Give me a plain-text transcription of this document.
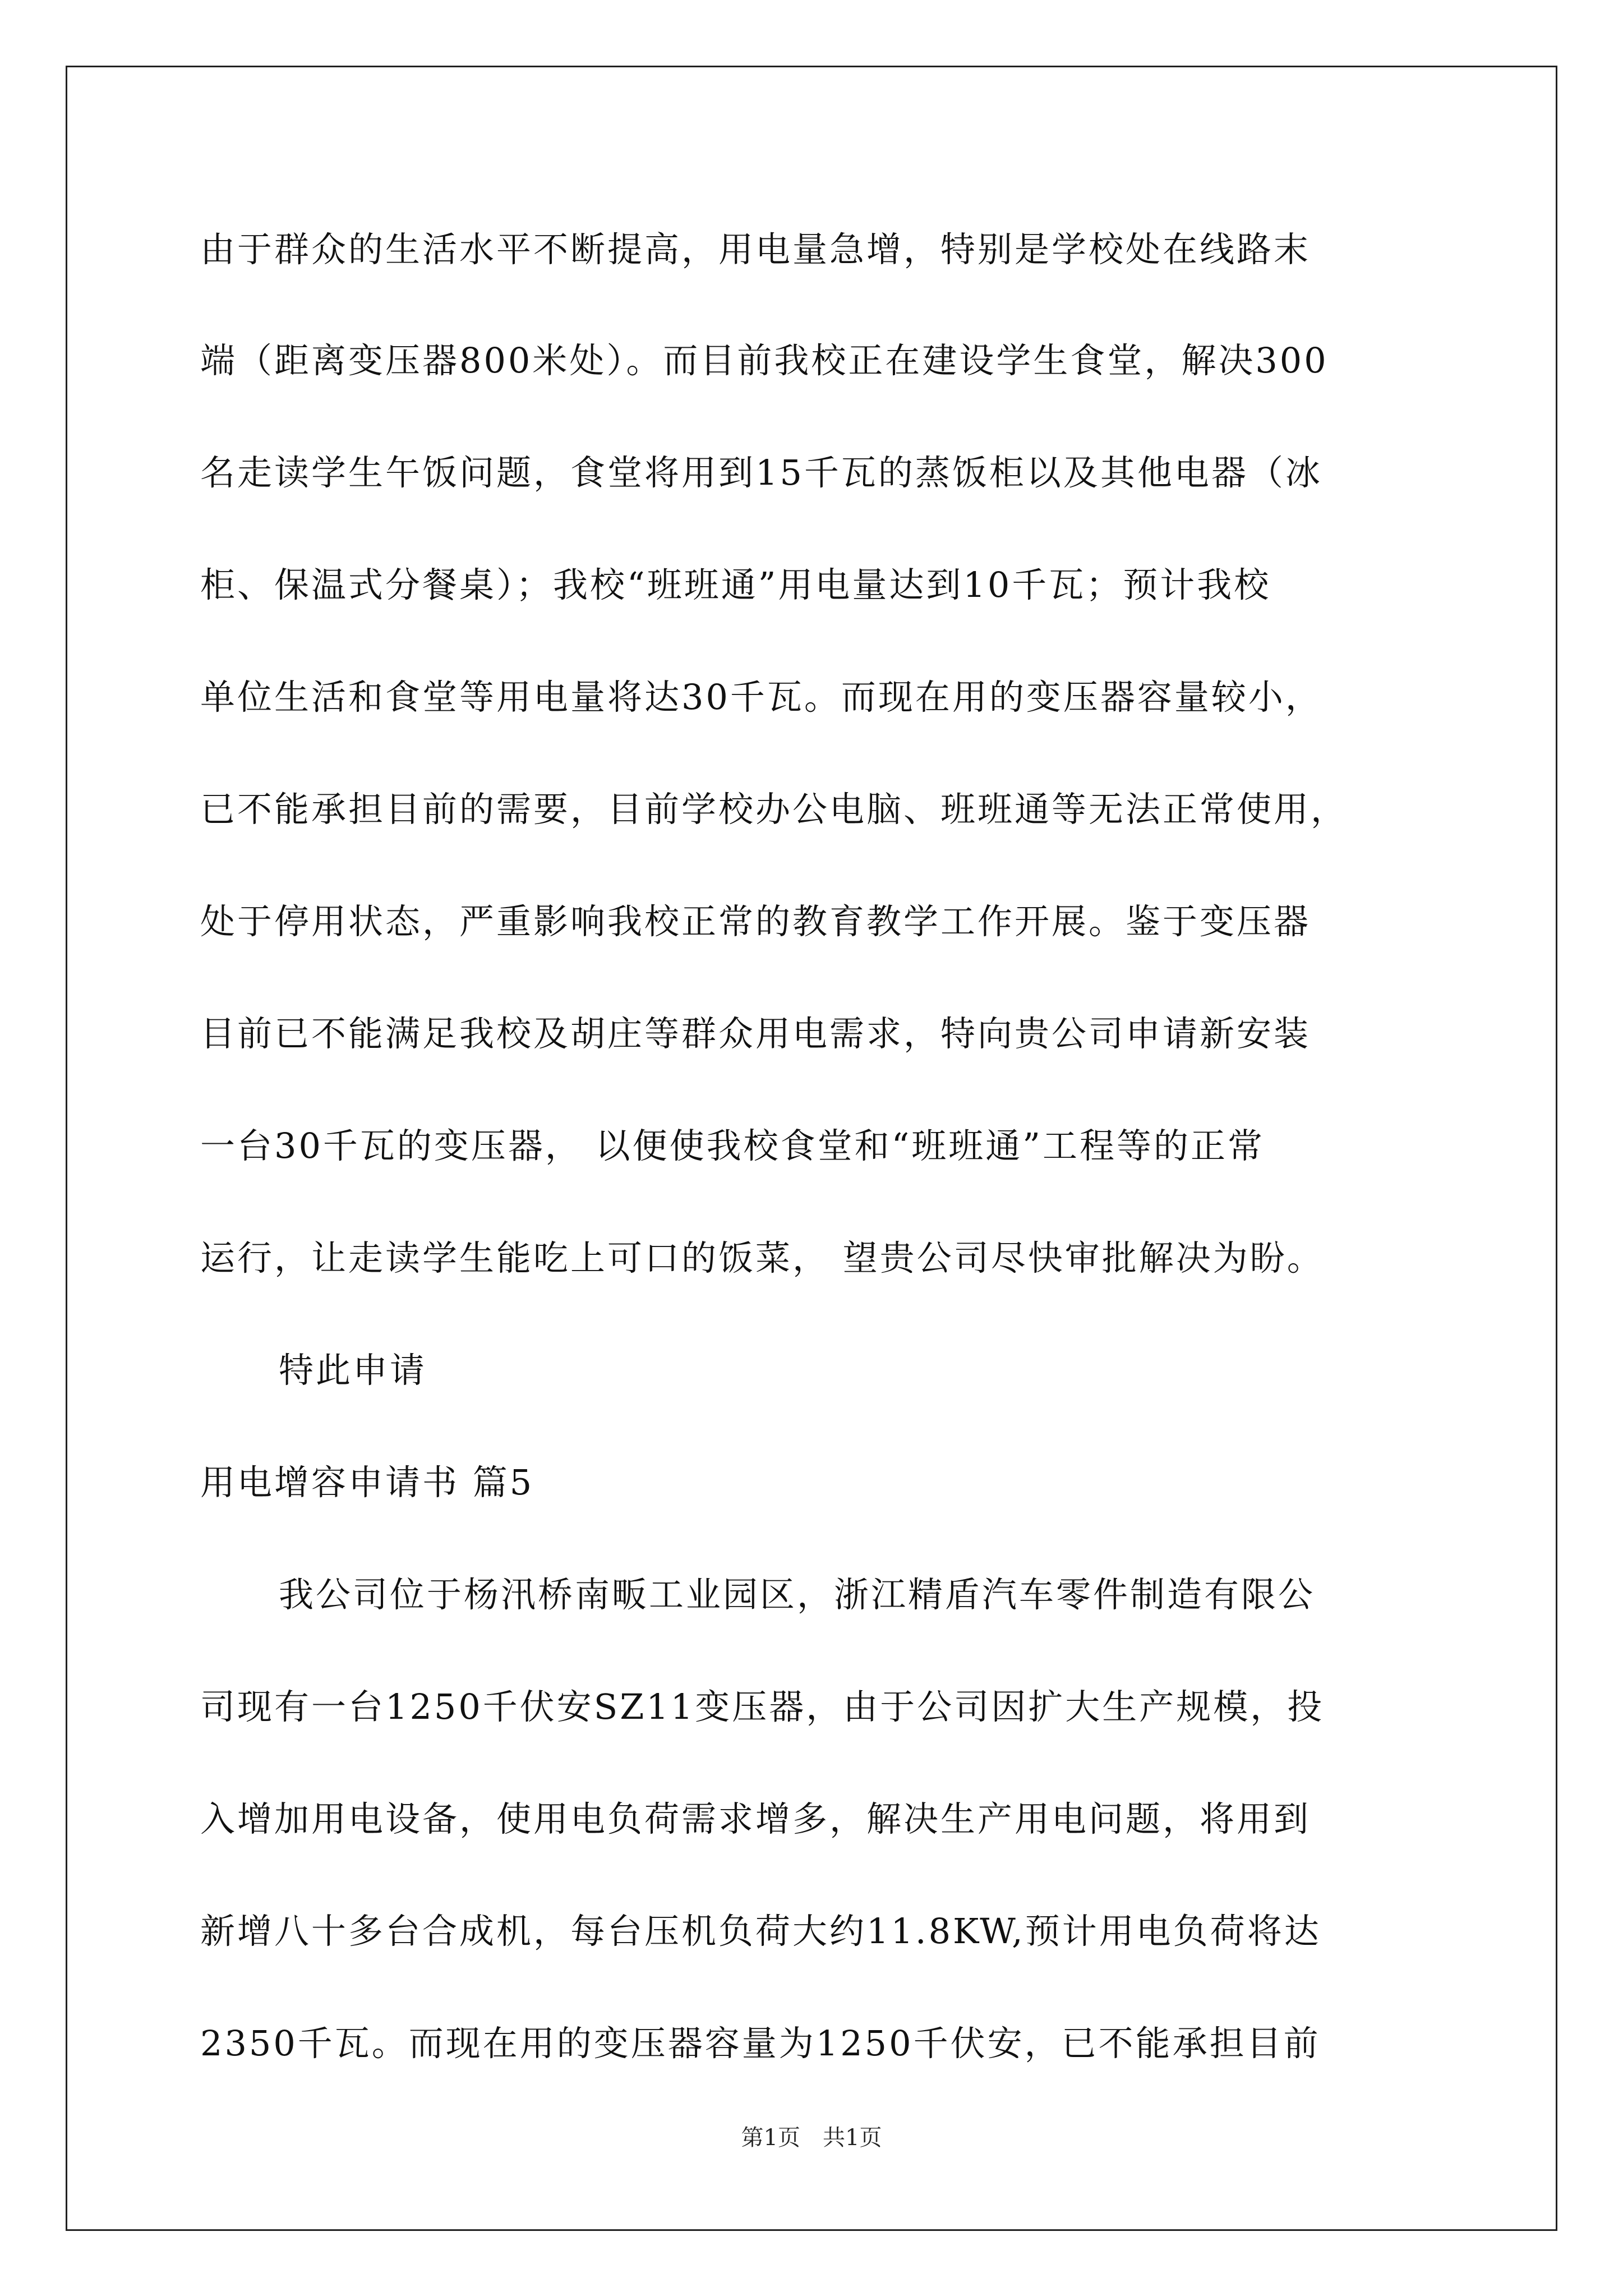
由于群众的生活水平不断提高，用电量急增，特别是学校处在线路末
端（距离变压器800米处）。而目前我校正在建设学生食堂，解决300
名走读学生午饭问题，食堂将用到15千瓦的蒸饭柜以及其他电器（冰
柜、保温式分餐桌）；我校“班班通”用电量达到10千瓦；预计我校
单位生活和食堂等用电量将达30千瓦。而现在用的变压器容量较小，
已不能承担目前的需要，目前学校办公电脑、班班通等无法正常使用，
处于停用状态，严重影响我校正常的教育教学工作开展。鉴于变压器
目前已不能满足我校及胡庄等群众用电需求，特向贵公司申请新安装
一台30千瓦的变压器， 以便使我校食堂和“班班通”工程等的正常
运行，让走读学生能吃上可口的饭菜， 望贵公司尽快审批解决为盼。
特此申请
用电增容申请书 篇5
我公司位于杨汛桥南畈工业园区，浙江精盾汽车零件制造有限公
司现有一台1250千伏安SZ11变压器，由于公司因扩大生产规模，投
入增加用电设备，使用电负荷需求增多，解决生产用电问题，将用到
新增八十多台合成机，每台压机负荷大约11.8KW,预计用电负荷将达
2350千瓦。而现在用的变压器容量为1250千伏安，已不能承担目前
第1页　共1页
